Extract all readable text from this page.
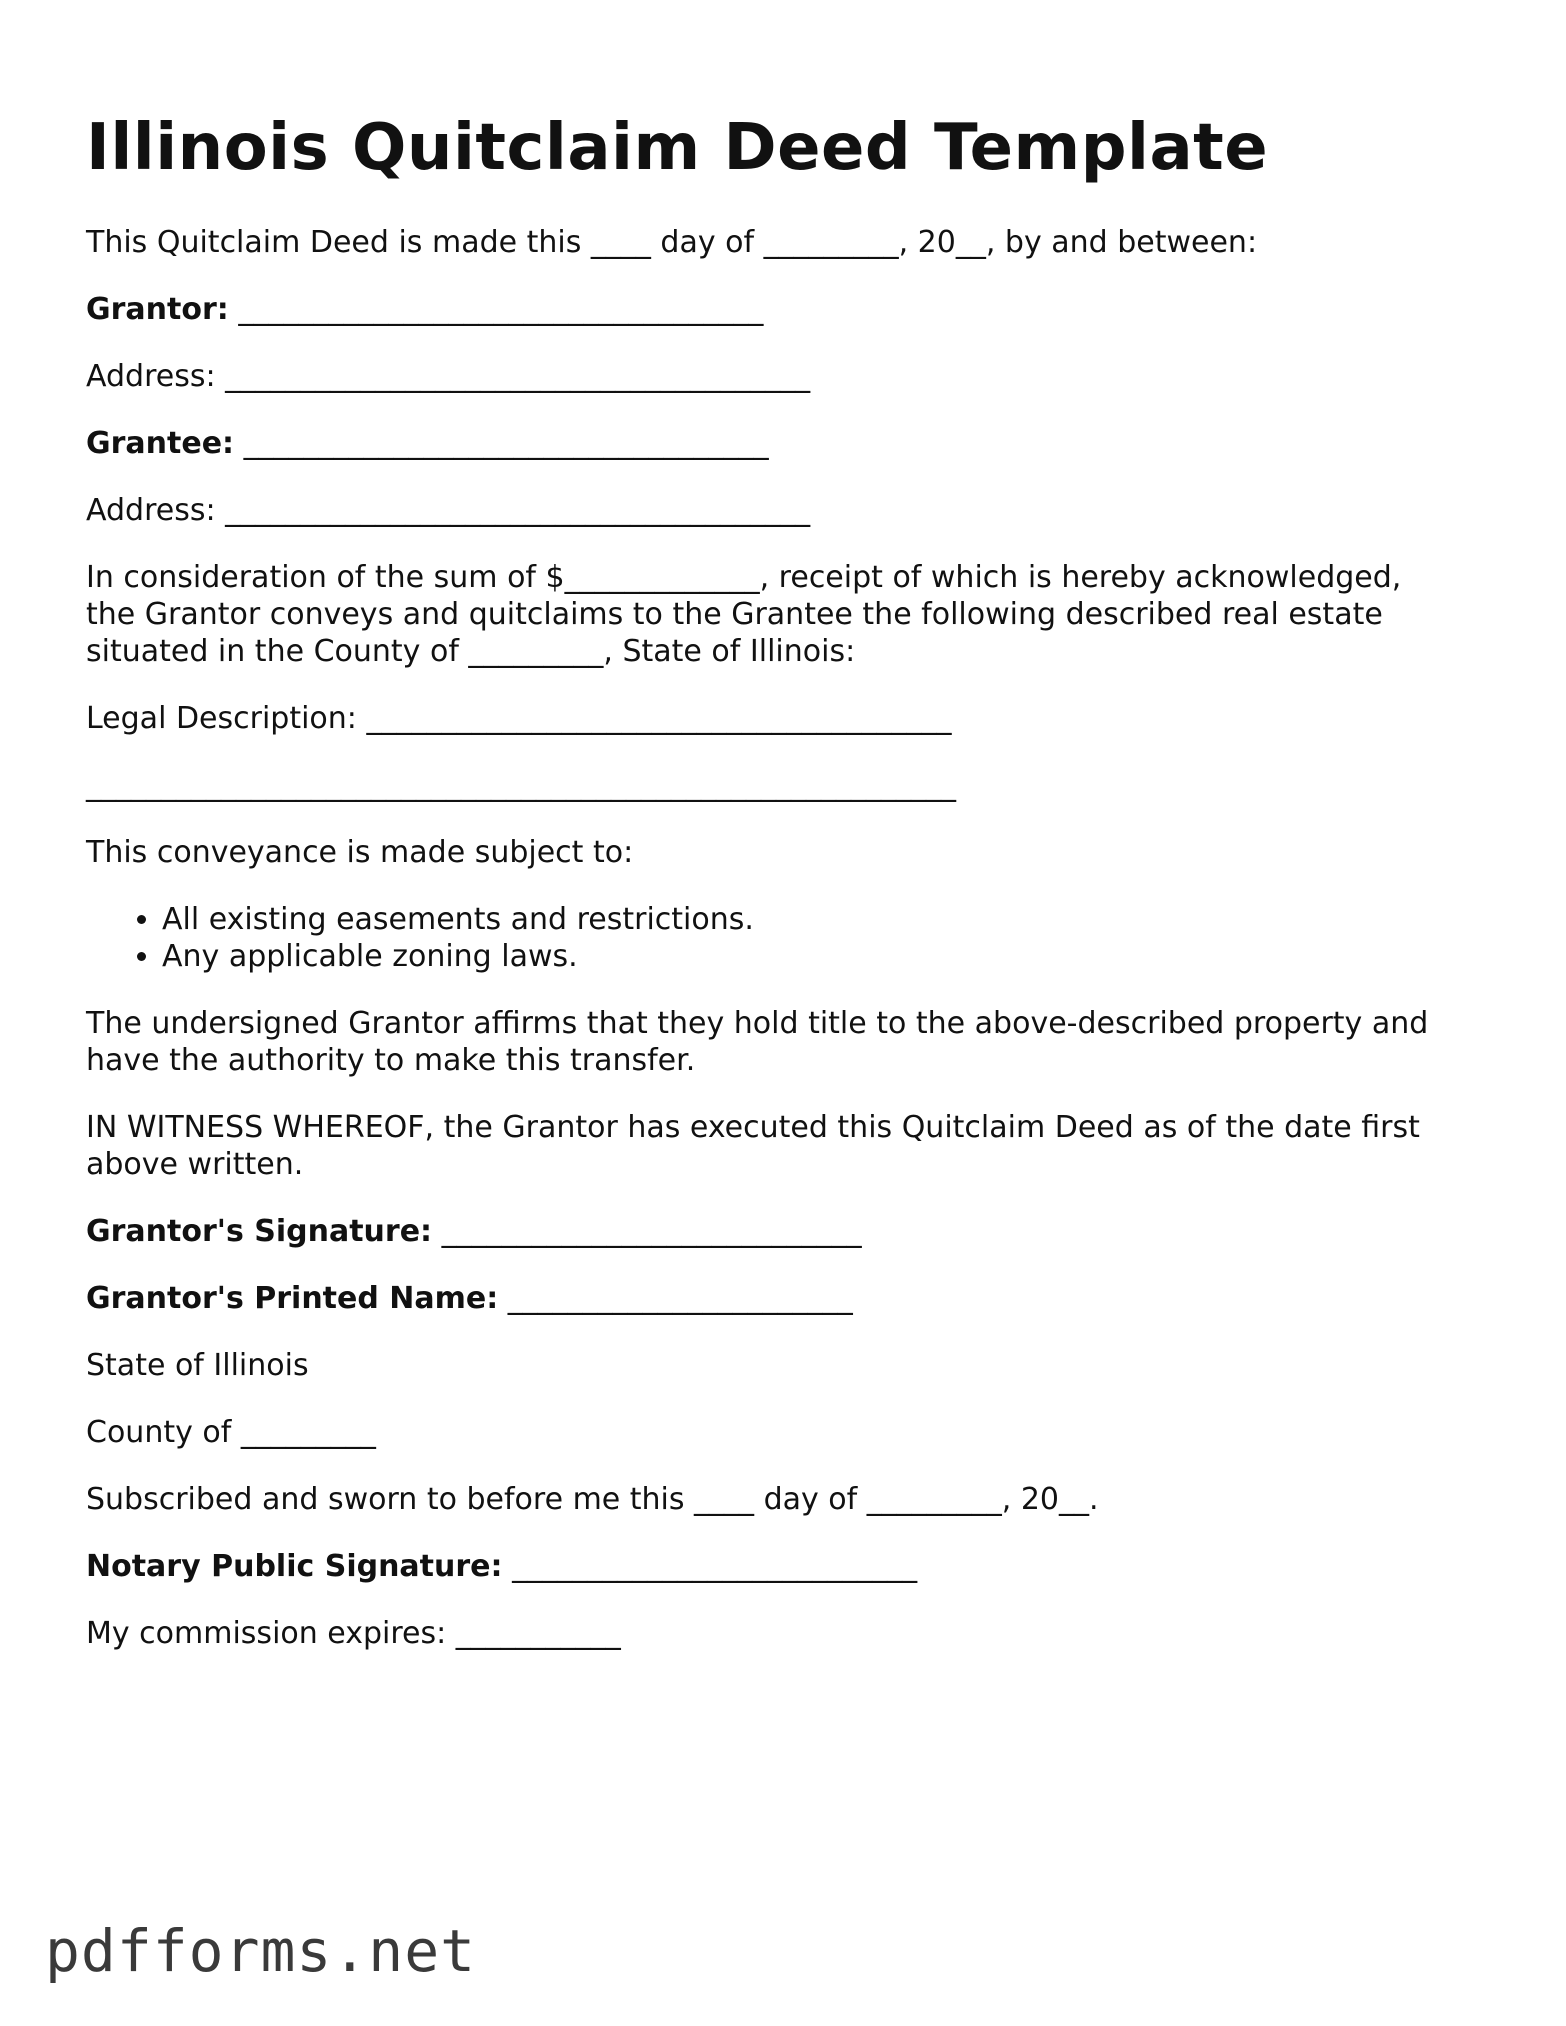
Illinois Quitclaim Deed Template

This Quitclaim Deed is made this ____ day of _________, 20__, by and between:

Grantor: ___________________________________

Address: _______________________________________

Grantee: ___________________________________

Address: _______________________________________

In consideration of the sum of $_____________, receipt of which is hereby acknowledged,
the Grantor conveys and quitclaims to the Grantee the following described real estate
situated in the County of _________, State of Illinois:

Legal Description: _______________________________________

__________________________________________________________

This conveyance is made subject to:

• All existing easements and restrictions.
• Any applicable zoning laws.

The undersigned Grantor affirms that they hold title to the above-described property and
have the authority to make this transfer.

IN WITNESS WHEREOF, the Grantor has executed this Quitclaim Deed as of the date first
above written.

Grantor's Signature: ____________________________

Grantor's Printed Name: _______________________

State of Illinois

County of _________

Subscribed and sworn to before me this ____ day of _________, 20__.

Notary Public Signature: ___________________________

My commission expires: ___________

pdfforms.net
